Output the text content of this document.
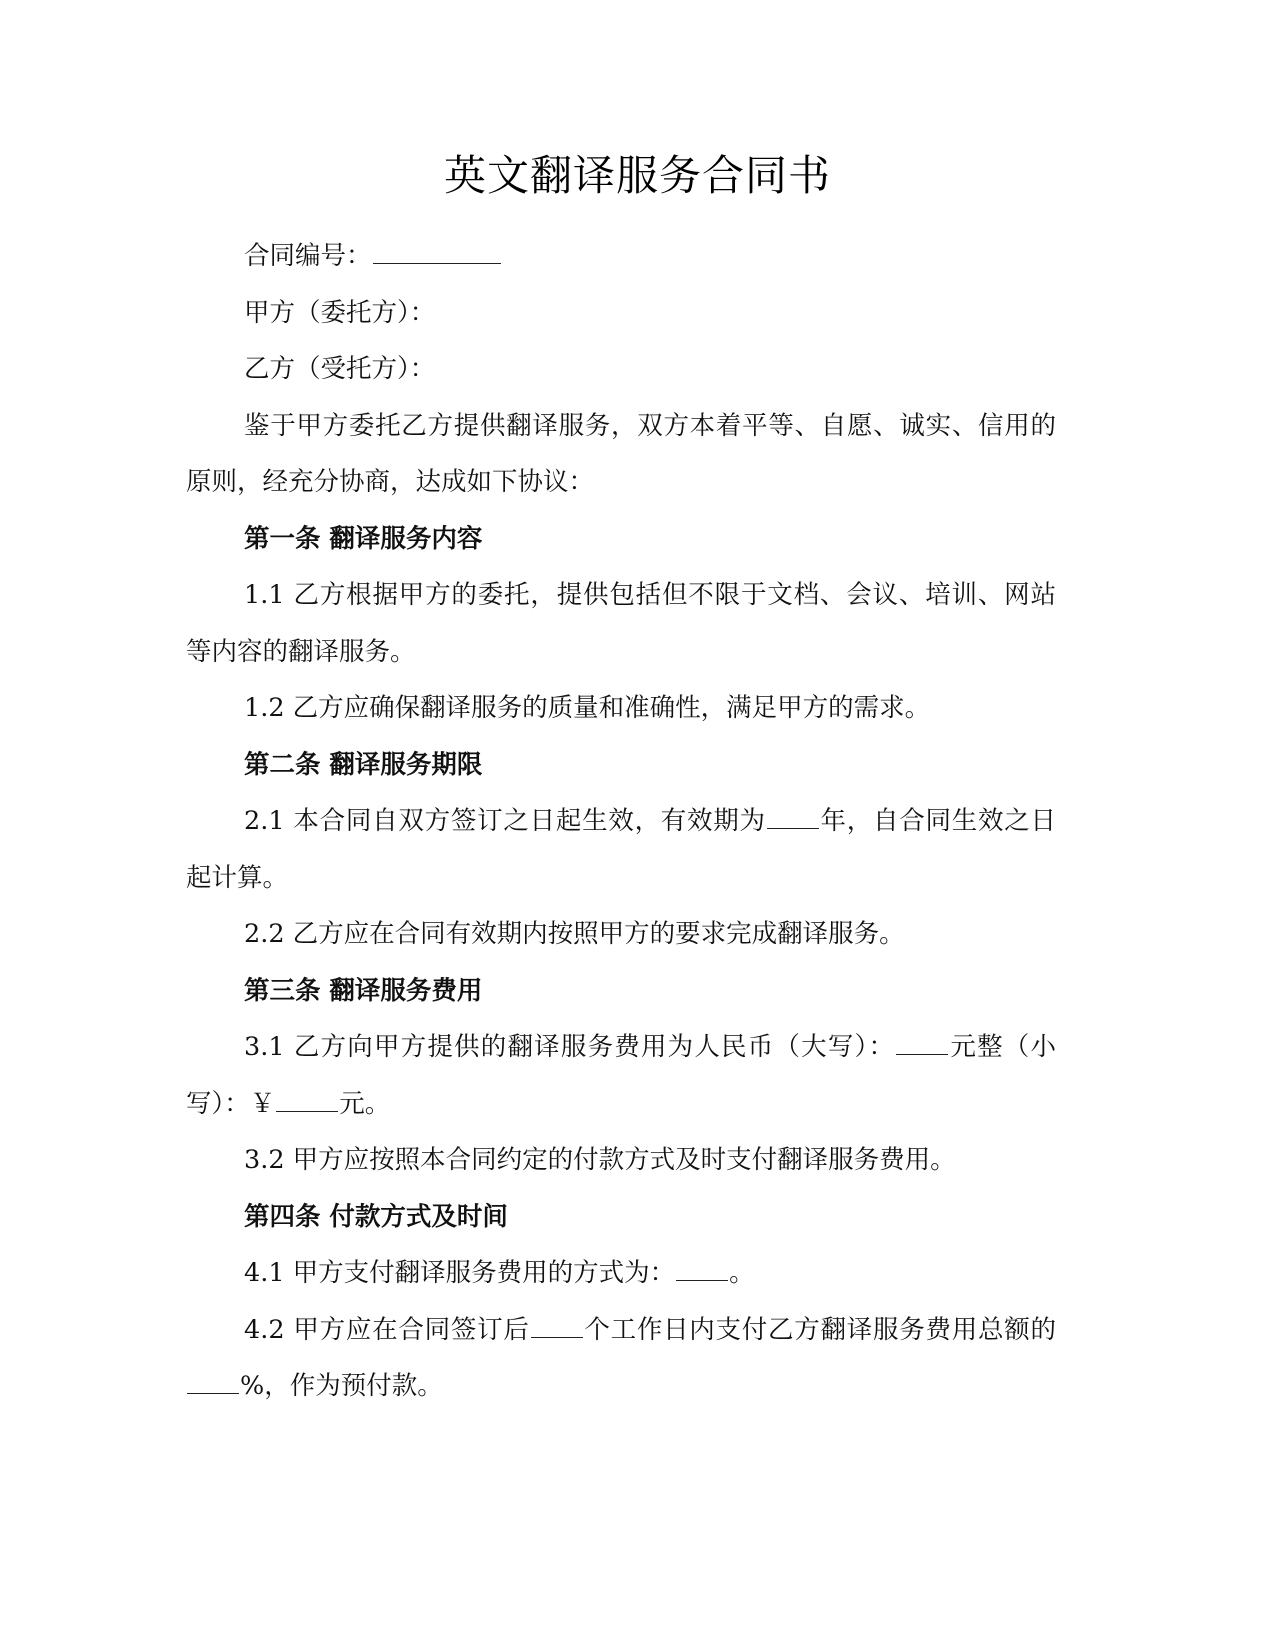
英文翻译服务合同书

合同编号：

甲方（委托方）：

乙方（受托方）：

鉴于甲方委托乙方提供翻译服务，双方本着平等、自愿、诚实、信用的原则，经充分协商，达成如下协议：

第一条 翻译服务内容

1.1 乙方根据甲方的委托，提供包括但不限于文档、会议、培训、网站等内容的翻译服务。

1.2 乙方应确保翻译服务的质量和准确性，满足甲方的需求。

第二条 翻译服务期限

2.1 本合同自双方签订之日起生效，有效期为 年，自合同生效之日起计算。

2.2 乙方应在合同有效期内按照甲方的要求完成翻译服务。

第三条 翻译服务费用

3.1 乙方向甲方提供的翻译服务费用为人民币（大写）： 元整（小写）：￥	元。

3.2 甲方应按照本合同约定的付款方式及时支付翻译服务费用。

第四条 付款方式及时间

4.1 甲方支付翻译服务费用的方式为： 。

4.2 甲方应在合同签订后 个工作日内支付乙方翻译服务费用总额的%，作为预付款。
